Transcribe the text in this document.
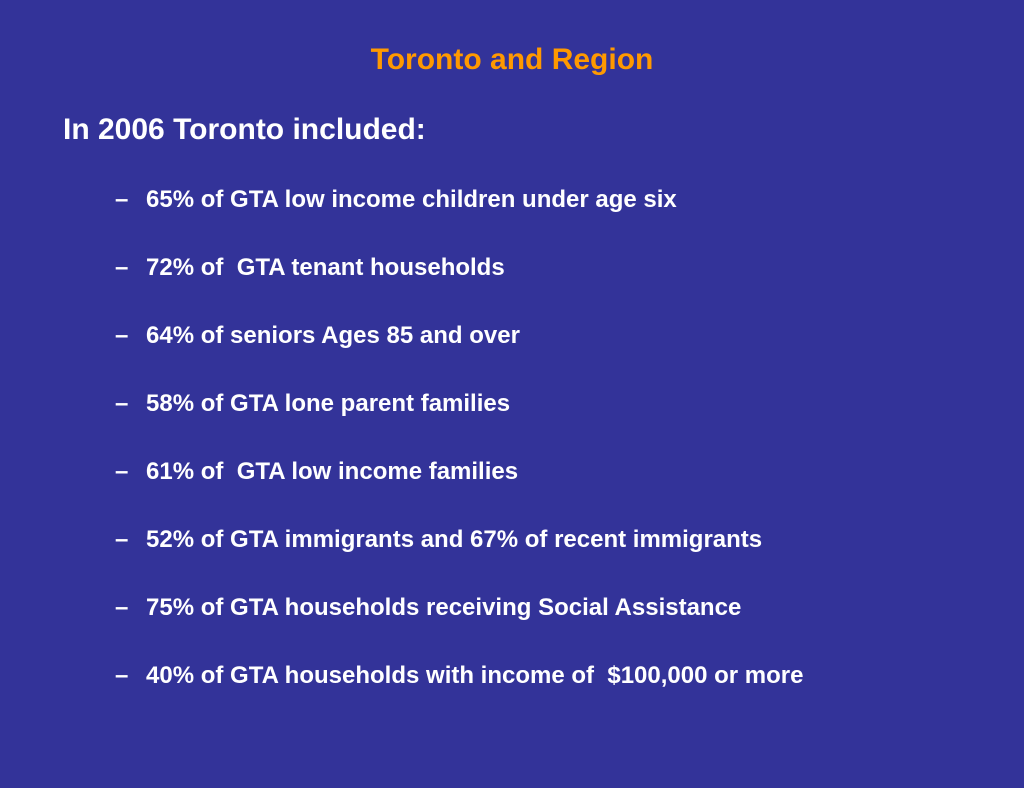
Toronto and Region
In 2006 Toronto included:

–

65% of GTA low income children under age six

–

72% of  GTA tenant households

–

64% of seniors Ages 85 and over

–

58% of GTA lone parent families

–

61% of  GTA low income families

–

52% of GTA immigrants and 67% of recent immigrants

–

75% of GTA households receiving Social Assistance

–

40% of GTA households with income of  $100,000 or more
